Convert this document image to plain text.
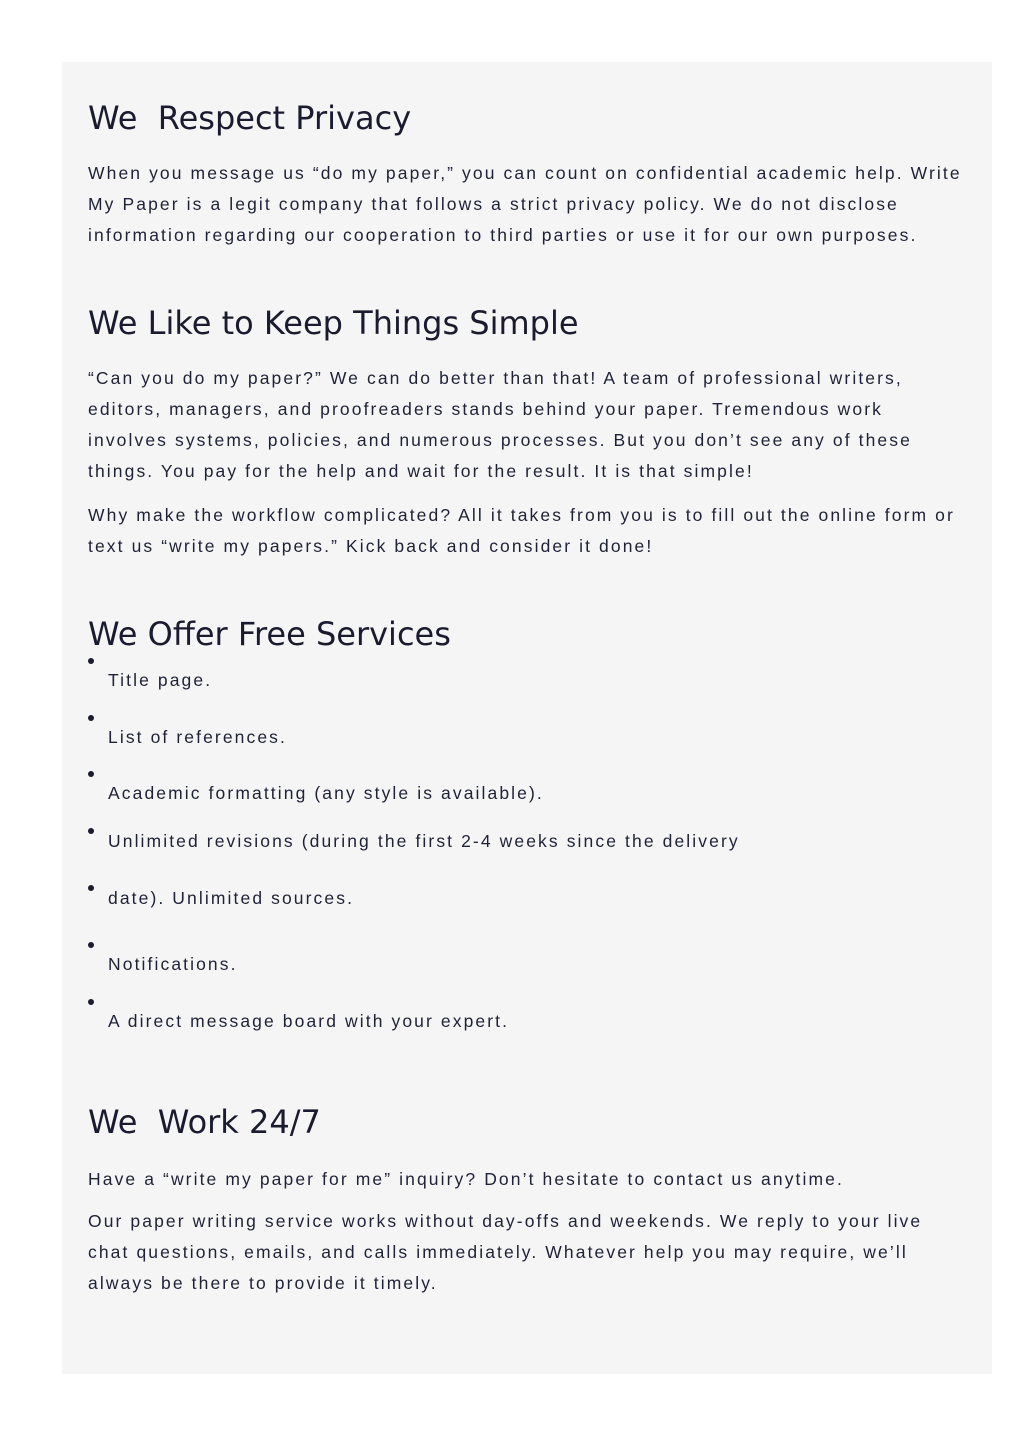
We  Respect Privacy

When you message us “do my paper,” you can count on confidential academic help. Write My Paper is a legit company that follows a strict privacy policy. We do not disclose information regarding our cooperation to third parties or use it for our own purposes.

We Like to Keep Things Simple

“Can you do my paper?” We can do better than that! A team of professional writers, editors, managers, and proofreaders stands behind your paper. Tremendous work involves systems, policies, and numerous processes. But you don’t see any of these things. You pay for the help and wait for the result. It is that simple!

Why make the workflow complicated? All it takes from you is to fill out the online form or text us “write my papers.” Kick back and consider it done!

We Offer Free Services
Title page.
List of references.
Academic formatting (any style is available).
Unlimited revisions (during the first 2-4 weeks since the delivery
date). Unlimited sources.
Notifications.
A direct message board with your expert.
We  Work 24/7

Have a “write my paper for me” inquiry? Don’t hesitate to contact us anytime.

Our paper writing service works without day-offs and weekends. We reply to your live chat questions, emails, and calls immediately. Whatever help you may require, we’ll always be there to provide it timely.
